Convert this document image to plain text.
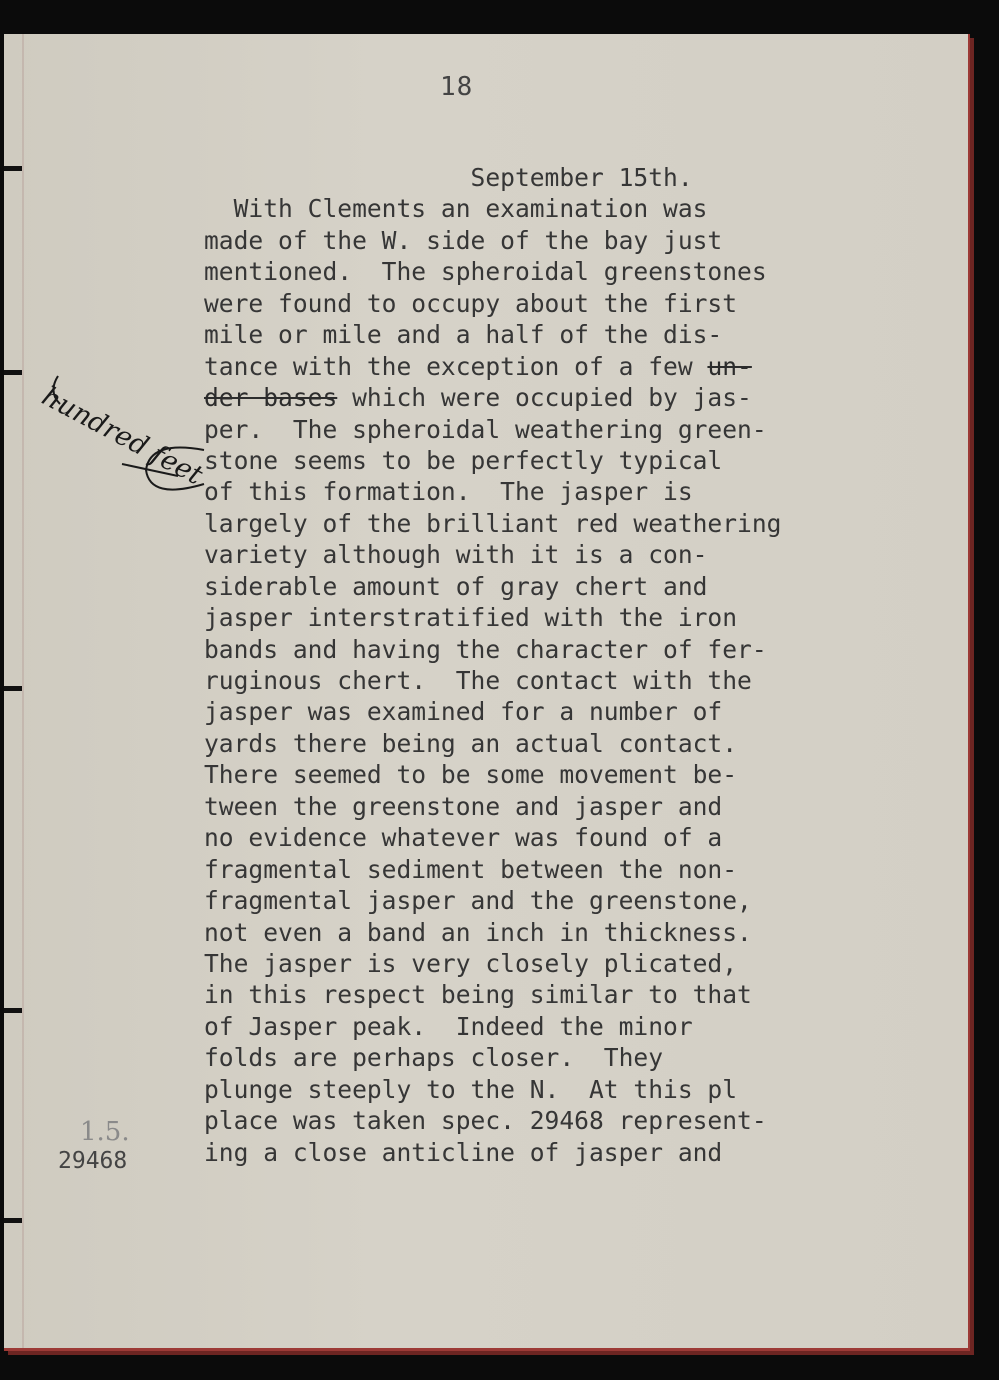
18
September 15th.
With Clements an examination was
made of the W. side of the bay just
mentioned.  The spheroidal greenstones
were found to occupy about the first
mile or mile and a half of the dis-
tance with the exception of a few un-
der bases which were occupied by jas-
per.  The spheroidal weathering green-
stone seems to be perfectly typical
of this formation.  The jasper is
largely of the brilliant red weathering
variety although with it is a con-
siderable amount of gray chert and
jasper interstratified with the iron
bands and having the character of fer-
ruginous chert.  The contact with the
jasper was examined for a number of
yards there being an actual contact.
There seemed to be some movement be-
tween the greenstone and jasper and
no evidence whatever was found of a
fragmental sediment between the non-
fragmental jasper and the greenstone,
not even a band an inch in thickness.
The jasper is very closely plicated,
in this respect being similar to that
of Jasper peak.  Indeed the minor
folds are perhaps closer.  They
plunge steeply to the N.  At this pl
place was taken spec. 29468 represent-
ing a close anticline of jasper and
29468
hundred feet
1.5.
